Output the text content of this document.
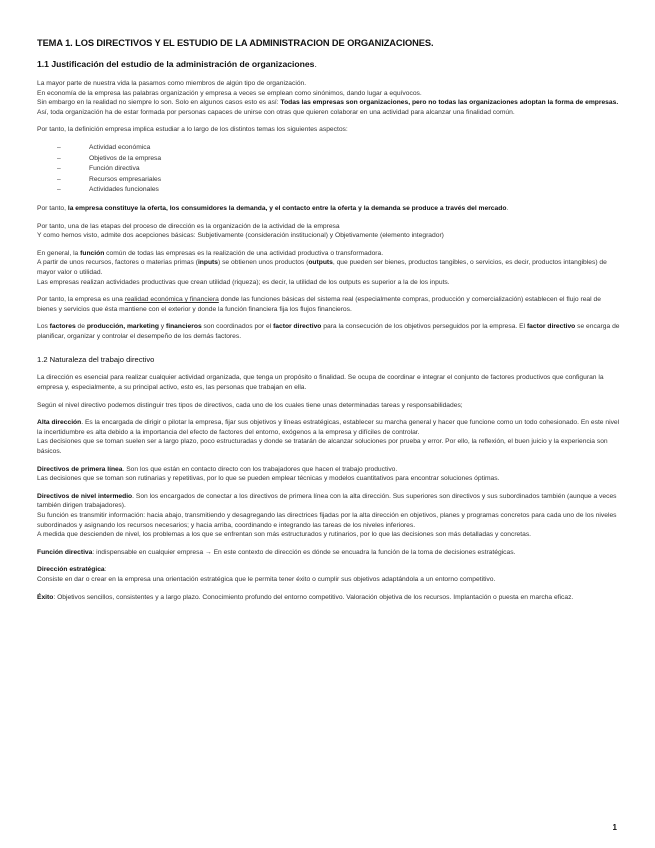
TEMA 1. LOS DIRECTIVOS Y EL ESTUDIO DE LA ADMINISTRACION DE ORGANIZACIONES.
1.1 Justificación del estudio de la administración de organizaciones.

La mayor parte de nuestra vida la pasamos como miembros de algún tipo de organización.
En economía de la empresa las palabras organización y empresa a veces se emplean como sinónimos, dando lugar a equívocos.
Sin embargo en la realidad no siempre lo son. Solo en algunos casos esto es así: Todas las empresas son organizaciones, pero no todas las organizaciones adoptan la forma de empresas.
Así, toda organización ha de estar formada por personas capaces de unirse con otras que quieren colaborar en una actividad para alcanzar una finalidad común.

Por tanto, la definición empresa implica estudiar a lo largo de los distintos temas los siguientes aspectos:

– Actividad económica
– Objetivos de la empresa
– Función directiva
– Recursos empresariales
– Actividades funcionales

Por tanto, la empresa constituye la oferta, los consumidores la demanda, y el contacto entre la oferta y la demanda se produce a través del mercado.

Por tanto, una de las etapas del proceso de dirección es la organización de la actividad de la empresa
Y como hemos visto, admite dos acepciones básicas: Subjetivamente (consideración institucional) y Objetivamente (elemento integrador)

En general, la función común de todas las empresas es la realización de una actividad productiva o transformadora.
A partir de unos recursos, factores o materias primas (inputs) se obtienen unos productos (outputs, que pueden ser bienes, productos tangibles, o servicios, es decir, productos intangibles) de mayor valor o utilidad.
Las empresas realizan actividades productivas que crean utilidad (riqueza); es decir, la utilidad de los outputs es superior a la de los inputs.

Por tanto, la empresa es una realidad económica y financiera donde las funciones básicas del sistema real (especialmente compras, producción y comercialización) establecen el flujo real de bienes y servicios que ésta mantiene con el exterior y donde la función financiera fija los flujos financieros.

Los factores de producción, marketing y financieros son coordinados por el factor directivo para la consecución de los objetivos perseguidos por la empresa. El factor directivo se encarga de planificar, organizar y controlar el desempeño de los demás factores.

1.2 Naturaleza del trabajo directivo

La dirección es esencial para realizar cualquier actividad organizada, que tenga un propósito o finalidad. Se ocupa de coordinar e integrar el conjunto de factores productivos que configuran la empresa y, especialmente, a su principal activo, esto es, las personas que trabajan en ella.

Según el nivel directivo podemos distinguir tres tipos de directivos, cada uno de los cuales tiene unas determinadas tareas y responsabilidades;

Alta dirección. Es la encargada de dirigir o pilotar la empresa, fijar sus objetivos y líneas estratégicas, establecer su marcha general y hacer que funcione como un todo cohesionado. En este nivel la incertidumbre es alta debido a la importancia del efecto de factores del entorno, exógenos a la empresa y difíciles de controlar.
Las decisiones que se toman suelen ser a largo plazo, poco estructuradas y donde se tratarán de alcanzar soluciones por prueba y error. Por ello, la reflexión, el buen juicio y la experiencia son básicos.

Directivos de primera línea. Son los que están en contacto directo con los trabajadores que hacen el trabajo productivo.
Las decisiones que se toman son rutinarias y repetitivas, por lo que se pueden emplear técnicas y modelos cuantitativos para encontrar soluciones óptimas.

Directivos de nivel intermedio. Son los encargados de conectar a los directivos de primera línea con la alta dirección. Sus superiores son directivos y sus subordinados también (aunque a veces también dirigen trabajadores).
Su función es transmitir información: hacia abajo, transmitiendo y desagregando las directrices fijadas por la alta dirección en objetivos, planes y programas concretos para cada uno de los niveles subordinados y asignando los recursos necesarios; y hacia arriba, coordinando e integrando las tareas de los niveles inferiores.
A medida que descienden de nivel, los problemas a los que se enfrentan son más estructurados y rutinarios, por lo que las decisiones son más detalladas y concretas.

Función directiva: indispensable en cualquier empresa → En este contexto de dirección es dónde se encuadra la función de la toma de decisiones estratégicas.

Dirección estratégica:
Consiste en dar o crear en la empresa una orientación estratégica que le permita tener éxito o cumplir sus objetivos adaptándola a un entorno competitivo.

Éxito: Objetivos sencillos, consistentes y a largo plazo. Conocimiento profundo del entorno competitivo. Valoración objetiva de los recursos. Implantación o puesta en marcha eficaz.

1
